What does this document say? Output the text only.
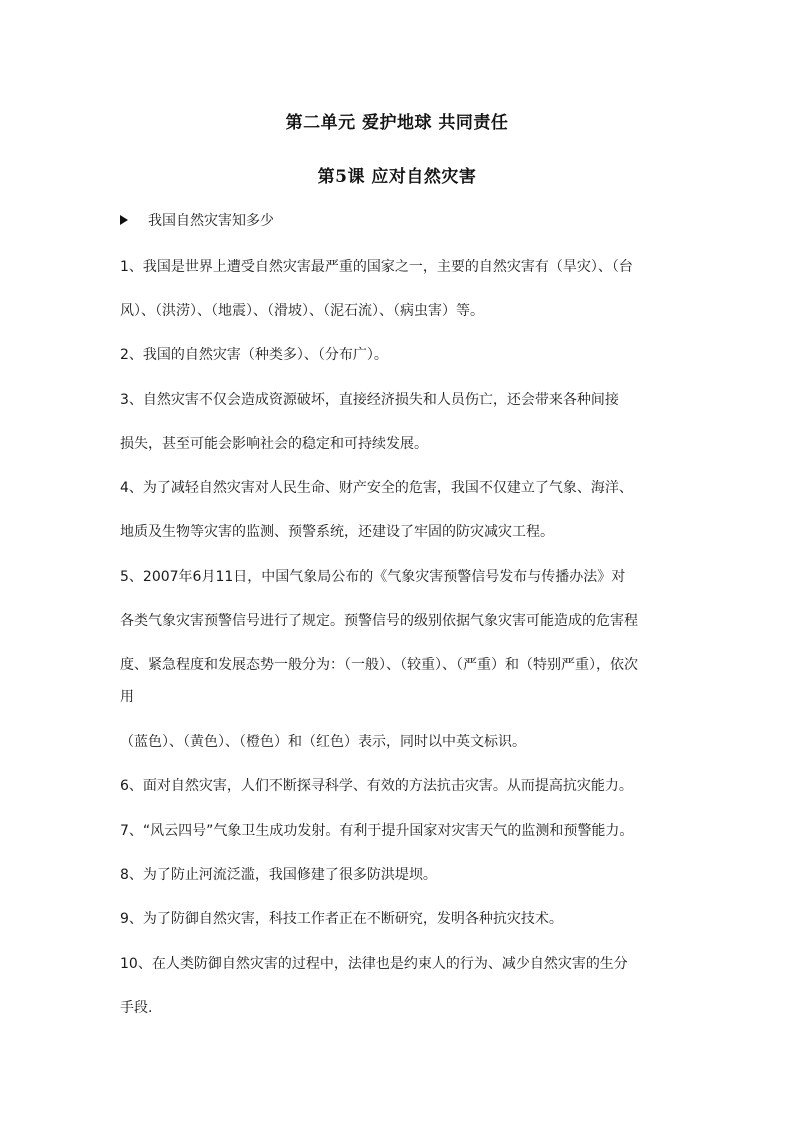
第二单元 爱护地球 共同责任
第5课 应对自然灾害
我国自然灾害知多少
1、我国是世界上遭受自然灾害最严重的国家之一，主要的自然灾害有（旱灾）、（台
风）、（洪涝）、（地震）、（滑坡）、（泥石流）、（病虫害）等。
2、我国的自然灾害（种类多）、（分布广）。
3、自然灾害不仅会造成资源破坏，直接经济损失和人员伤亡，还会带来各种间接
损失，甚至可能会影响社会的稳定和可持续发展。
4、为了减轻自然灾害对人民生命、财产安全的危害，我国不仅建立了气象、海洋、
地质及生物等灾害的监测、预警系统，还建设了牢固的防灾减灾工程。
5、2007年6月11日，中国气象局公布的《气象灾害预警信号发布与传播办法》对
各类气象灾害预警信号进行了规定。预警信号的级别依据气象灾害可能造成的危害程
度、紧急程度和发展态势一般分为：（一般）、（较重）、（严重）和（特别严重），依次
用
（蓝色）、（黄色）、（橙色）和（红色）表示，同时以中英文标识。
6、面对自然灾害，人们不断探寻科学、有效的方法抗击灾害。从而提高抗灾能力。
7、“风云四号”气象卫生成功发射。有利于提升国家对灾害天气的监测和预警能力。
8、为了防止河流泛滥，我国修建了很多防洪堤坝。
9、为了防御自然灾害，科技工作者正在不断研究，发明各种抗灾技术。
10、在人类防御自然灾害的过程中，法律也是约束人的行为、减少自然灾害的生分
手段.
